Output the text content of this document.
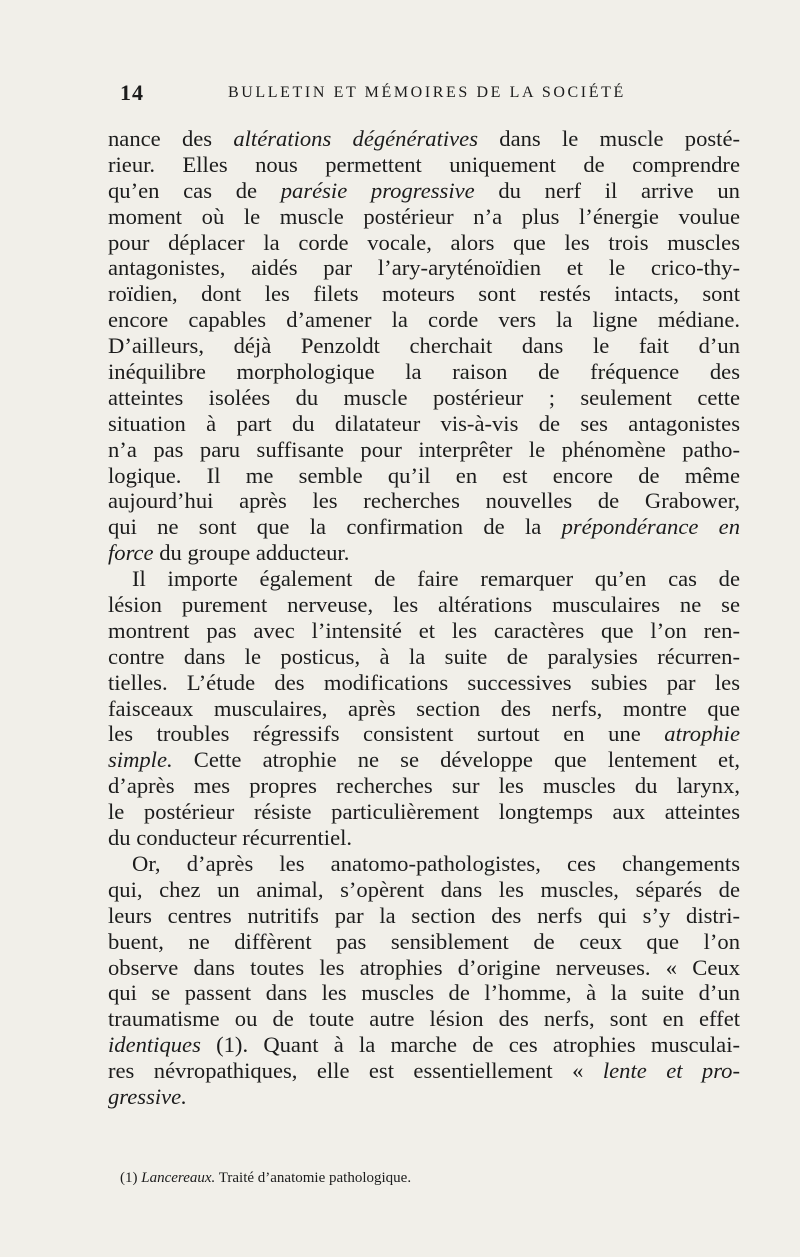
14	BULLETIN ET MÉMOIRES DE LA SOCIÉTÉ
nance des altérations dégénératives dans le muscle posté-
rieur. Elles nous permettent uniquement de comprendre
qu’en cas de parésie progressive du nerf il arrive un
moment où le muscle postérieur n’a plus l’énergie voulue
pour déplacer la corde vocale, alors que les trois muscles
antagonistes, aidés par l’ary-aryténoïdien et le crico-thy-
roïdien, dont les filets moteurs sont restés intacts, sont
encore capables d’amener la corde vers la ligne médiane.
D’ailleurs, déjà Penzoldt cherchait dans le fait d’un
inéquilibre morphologique la raison de fréquence des
atteintes isolées du muscle postérieur ; seulement cette
situation à part du dilatateur vis-à-vis de ses antagonistes
n’a pas paru suffisante pour interprêter le phénomène patho-
logique. Il me semble qu’il en est encore de même
aujourd’hui après les recherches nouvelles de Grabower,
qui ne sont que la confirmation de la prépondérance en
force du groupe adducteur.
Il importe également de faire remarquer qu’en cas de
lésion purement nerveuse, les altérations musculaires ne se
montrent pas avec l’intensité et les caractères que l’on ren-
contre dans le posticus, à la suite de paralysies récurren-
tielles. L’étude des modifications successives subies par les
faisceaux musculaires, après section des nerfs, montre que
les troubles régressifs consistent surtout en une atrophie
simple. Cette atrophie ne se développe que lentement et,
d’après mes propres recherches sur les muscles du larynx,
le postérieur résiste particulièrement longtemps aux atteintes
du conducteur récurrentiel.
Or, d’après les anatomo-pathologistes, ces changements
qui, chez un animal, s’opèrent dans les muscles, séparés de
leurs centres nutritifs par la section des nerfs qui s’y distri-
buent, ne diffèrent pas sensiblement de ceux que l’on
observe dans toutes les atrophies d’origine nerveuses. « Ceux
qui se passent dans les muscles de l’homme, à la suite d’un
traumatisme ou de toute autre lésion des nerfs, sont en effet
identiques (1). Quant à la marche de ces atrophies musculai-
res névropathiques, elle est essentiellement « lente et pro-
gressive.
(1) Lancereaux. Traité d’anatomie pathologique.
